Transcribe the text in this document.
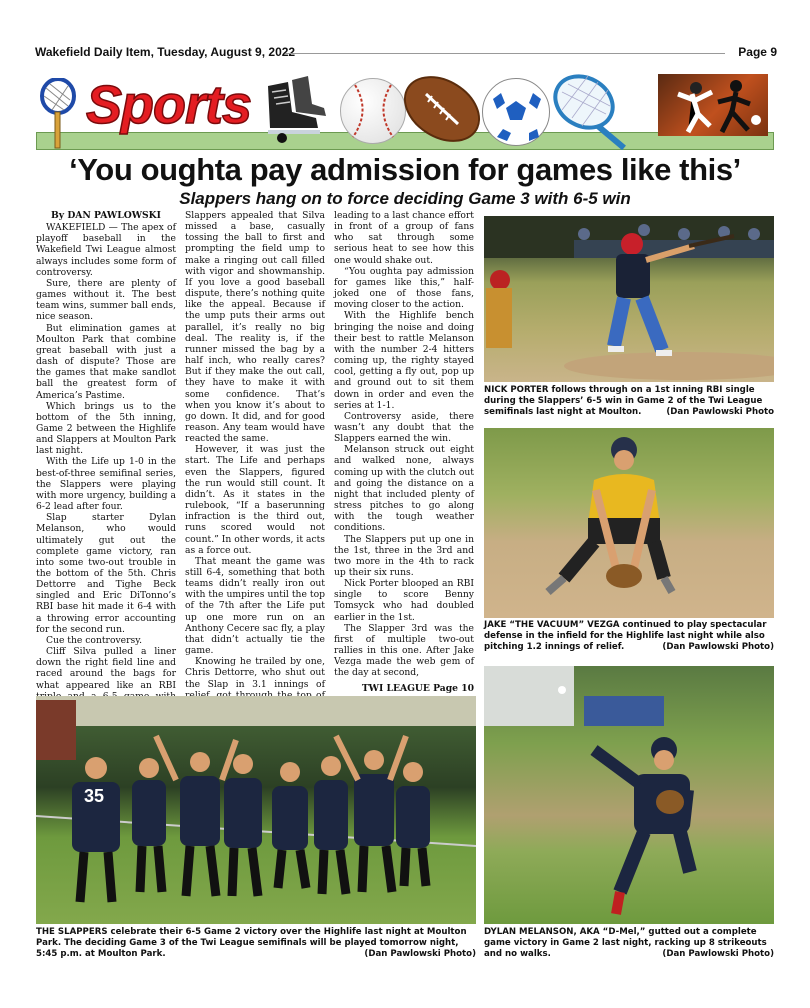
Wakefield Daily Item, Tuesday, August 9, 2022	Page 9
Sports
‘You oughta pay admission for games like this’
Slappers hang on to force deciding Game 3 with 6-5 win

By DAN PAWLOWSKI

WAKEFIELD — The apex of playoff baseball in the Wakefield Twi League almost always includes some form of controversy.

Sure, there are plenty of games without it. The best team wins, summer ball ends, nice season.

But elimination games at Moulton Park that combine great baseball with just a dash of dispute? Those are the games that make sandlot ball the greatest form of America’s Pastime.

Which brings us to the bottom of the 5th inning, Game 2 between the Highlife and Slappers at Moulton Park last night.

With the Life up 1-0 in the best-of-three semifinal series, the Slappers were playing with more urgency, building a 6-2 lead after four.

Slap starter Dylan Melanson, who would ultimately gut out the complete game victory, ran into some two-out trouble in the bottom of the 5th. Chris Dettorre and Tighe Beck singled and Eric DiTonno’s RBI base hit made it 6-4 with a throwing error accounting for the second run.

Cue the controversy.

Cliff Silva pulled a liner down the right field line and raced around the bags for what appeared like an RBI

Slappers appealed that Silva missed a base, casually tossing the ball to first and prompting the field ump to make a ringing out call filled with vigor and showmanship. If you love a good baseball dispute, there’s nothing quite like the appeal. Because if the ump puts their arms out parallel, it’s really no big deal. The reality is, if the runner missed the bag by a half inch, who really cares? But if they make the out call, they have to make it with some confidence. That’s when you know it’s about to go down. It did, and for good reason. Any team would have reacted the same.

However, it was just the start. The Life and perhaps even the Slappers, figured the run would still count. It didn’t. As it states in the rulebook, “If a baserunning infraction is the third out, runs scored would not count.” In other words, it acts as a force out.

That meant the game was still 6-4, something that both teams didn’t really iron out with the umpires until the top of the 7th after the Life put up one more run on an Anthony Cecere sac fly, a play that didn’t actually tie the game.

Knowing he trailed by one, Chris Dettorre, who shut out the Slap in 3.1 innings of

leading to a last chance effort in front of a group of fans who sat through some serious heat to see how this one would shake out.

“You oughta pay admission for games like this,” half-joked one of those fans, moving closer to the action.

With the Highlife bench bringing the noise and doing their best to rattle Melanson with the number 2-4 hitters coming up, the righty stayed cool, getting a fly out, pop up and ground out to sit them down in order and even the series at 1-1.

Controversy aside, there wasn’t any doubt that the Slappers earned the win.

Melanson struck out eight and walked none, always coming up with the clutch out and going the distance on a night that included plenty of stress pitches to go along with the tough weather conditions.

The Slappers put up one in the 1st, three in the 3rd and two more in the 4th to rack up their six runs.

Nick Porter blooped an RBI single to score Benny Tomsyck who had doubled earlier in the 1st.

The Slapper 3rd was the first of multiple two-out rallies in this one. After Jake Vezga made the web gem of the day at second,

TWI LEAGUE Page 10

NICK PORTER follows through on a 1st inning RBI single during the Slappers’ 6-5 win in Game 2 of the Twi League semifinals last night at Moulton.	(Dan Pawlowski Photo
JAKE “THE VACUUM” VEZGA continued to play spectacular defense in the infield for the Highlife last night while also pitching 1.2 innings of relief.	(Dan Pawlowski Photo)
35
THE SLAPPERS celebrate their 6-5 Game 2 victory over the Highlife last night at Moulton Park. The deciding Game 3 of the Twi League semifinals will be played tomorrow night, 5:45 p.m. at Moulton Park.	(Dan Pawlowski Photo)
DYLAN MELANSON, AKA “D-Mel,” gutted out a complete game victory in Game 2 last night, racking up 8 strikeouts and no walks.	(Dan Pawlowski Photo)
